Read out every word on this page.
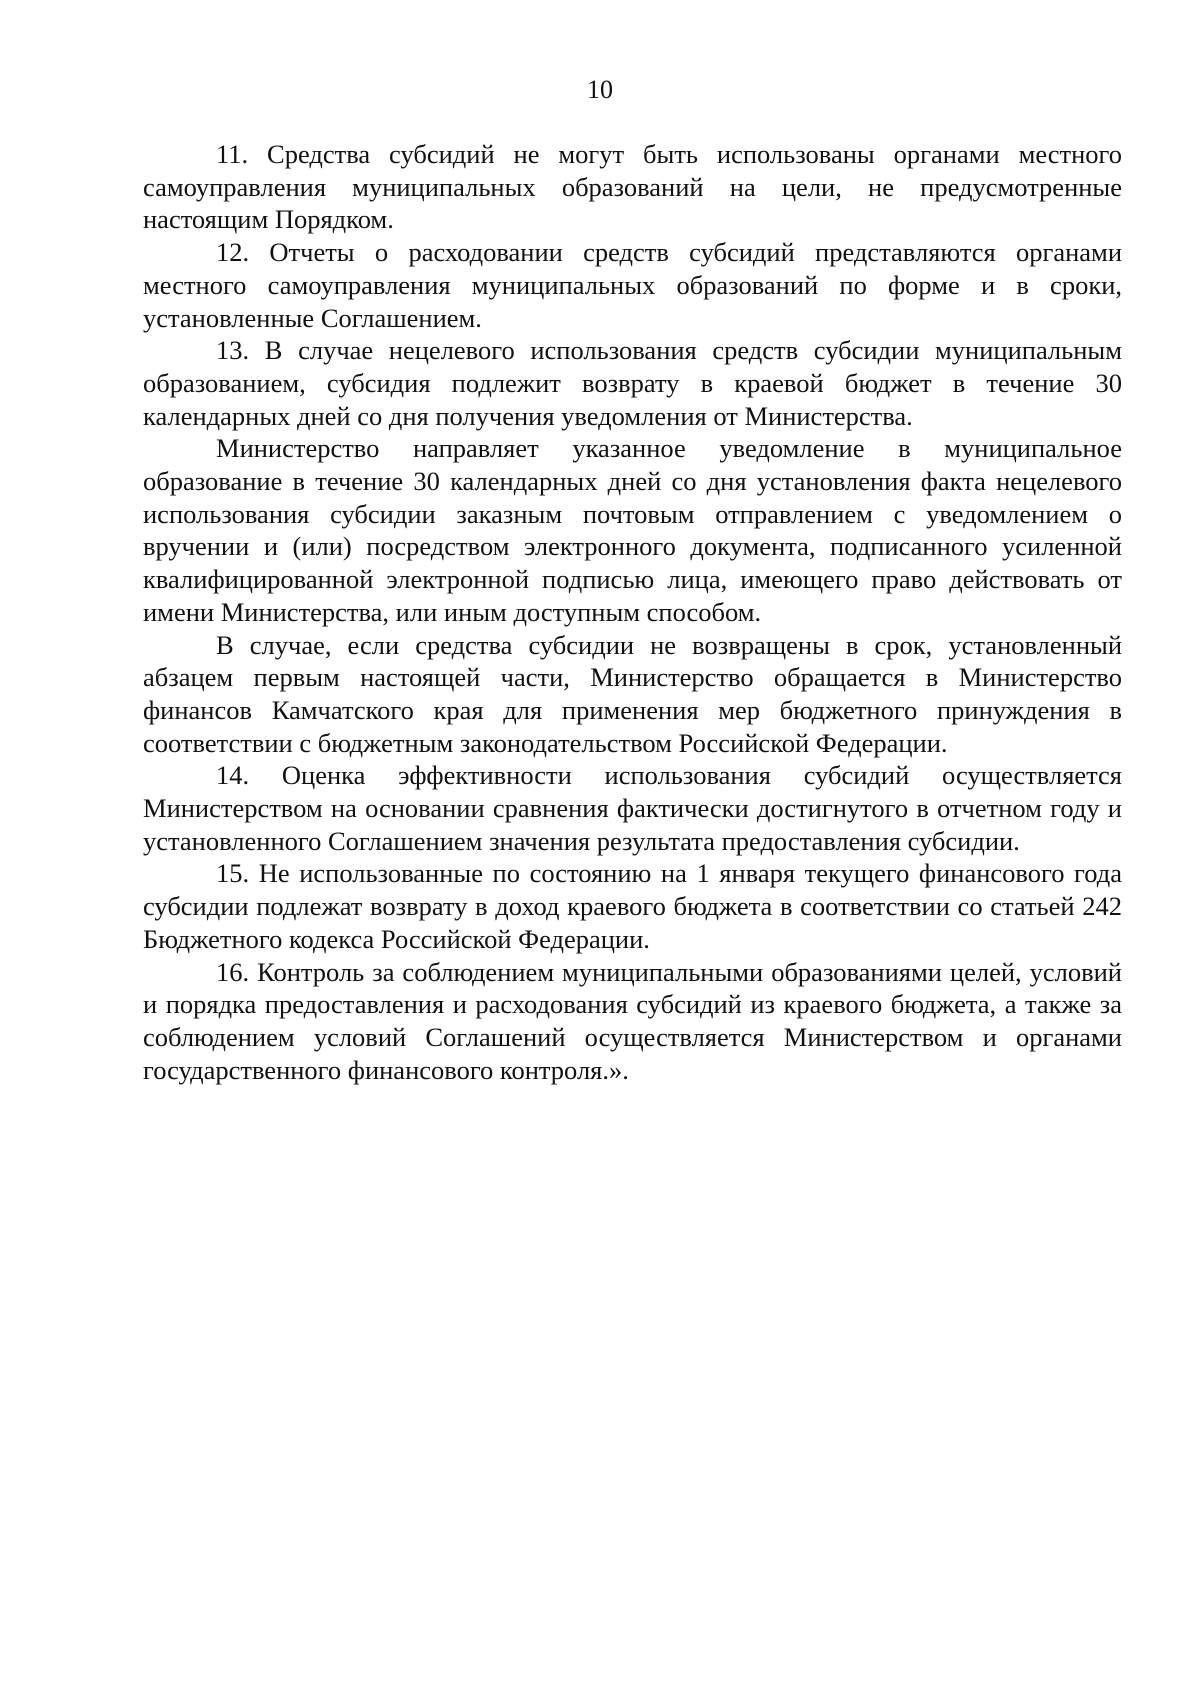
10

11. Средства субсидий не могут быть использованы органами местного самоуправления муниципальных образований на цели, не предусмотренные настоящим Порядком.

12. Отчеты о расходовании средств субсидий представляются органами местного самоуправления муниципальных образований по форме и в сроки, установленные Соглашением.

13. В случае нецелевого использования средств субсидии муниципальным образованием, субсидия подлежит возврату в краевой бюджет в течение 30 календарных дней со дня получения уведомления от Министерства.

Министерство направляет указанное уведомление в муниципальное образование в течение 30 календарных дней со дня установления факта нецелевого использования субсидии заказным почтовым отправлением с уведомлением о вручении и (или) посредством электронного документа, подписанного усиленной квалифицированной электронной подписью лица, имеющего право действовать от имени Министерства, или иным доступным способом.

В случае, если средства субсидии не возвращены в срок, установленный абзацем первым настоящей части, Министерство обращается в Министерство финансов Камчатского края для применения мер бюджетного принуждения в соответствии с бюджетным законодательством Российской Федерации.

14. Оценка эффективности использования субсидий осуществляется Министерством на основании сравнения фактически достигнутого в отчетном году и установленного Соглашением значения результата предоставления субсидии.

15. Не использованные по состоянию на 1 января текущего финансового года субсидии подлежат возврату в доход краевого бюджета в соответствии со статьей 242 Бюджетного кодекса Российской Федерации.

16. Контроль за соблюдением муниципальными образованиями целей, условий и порядка предоставления и расходования субсидий из краевого бюджета, а также за соблюдением условий Соглашений осуществляется Министерством и органами государственного финансового контроля.».
